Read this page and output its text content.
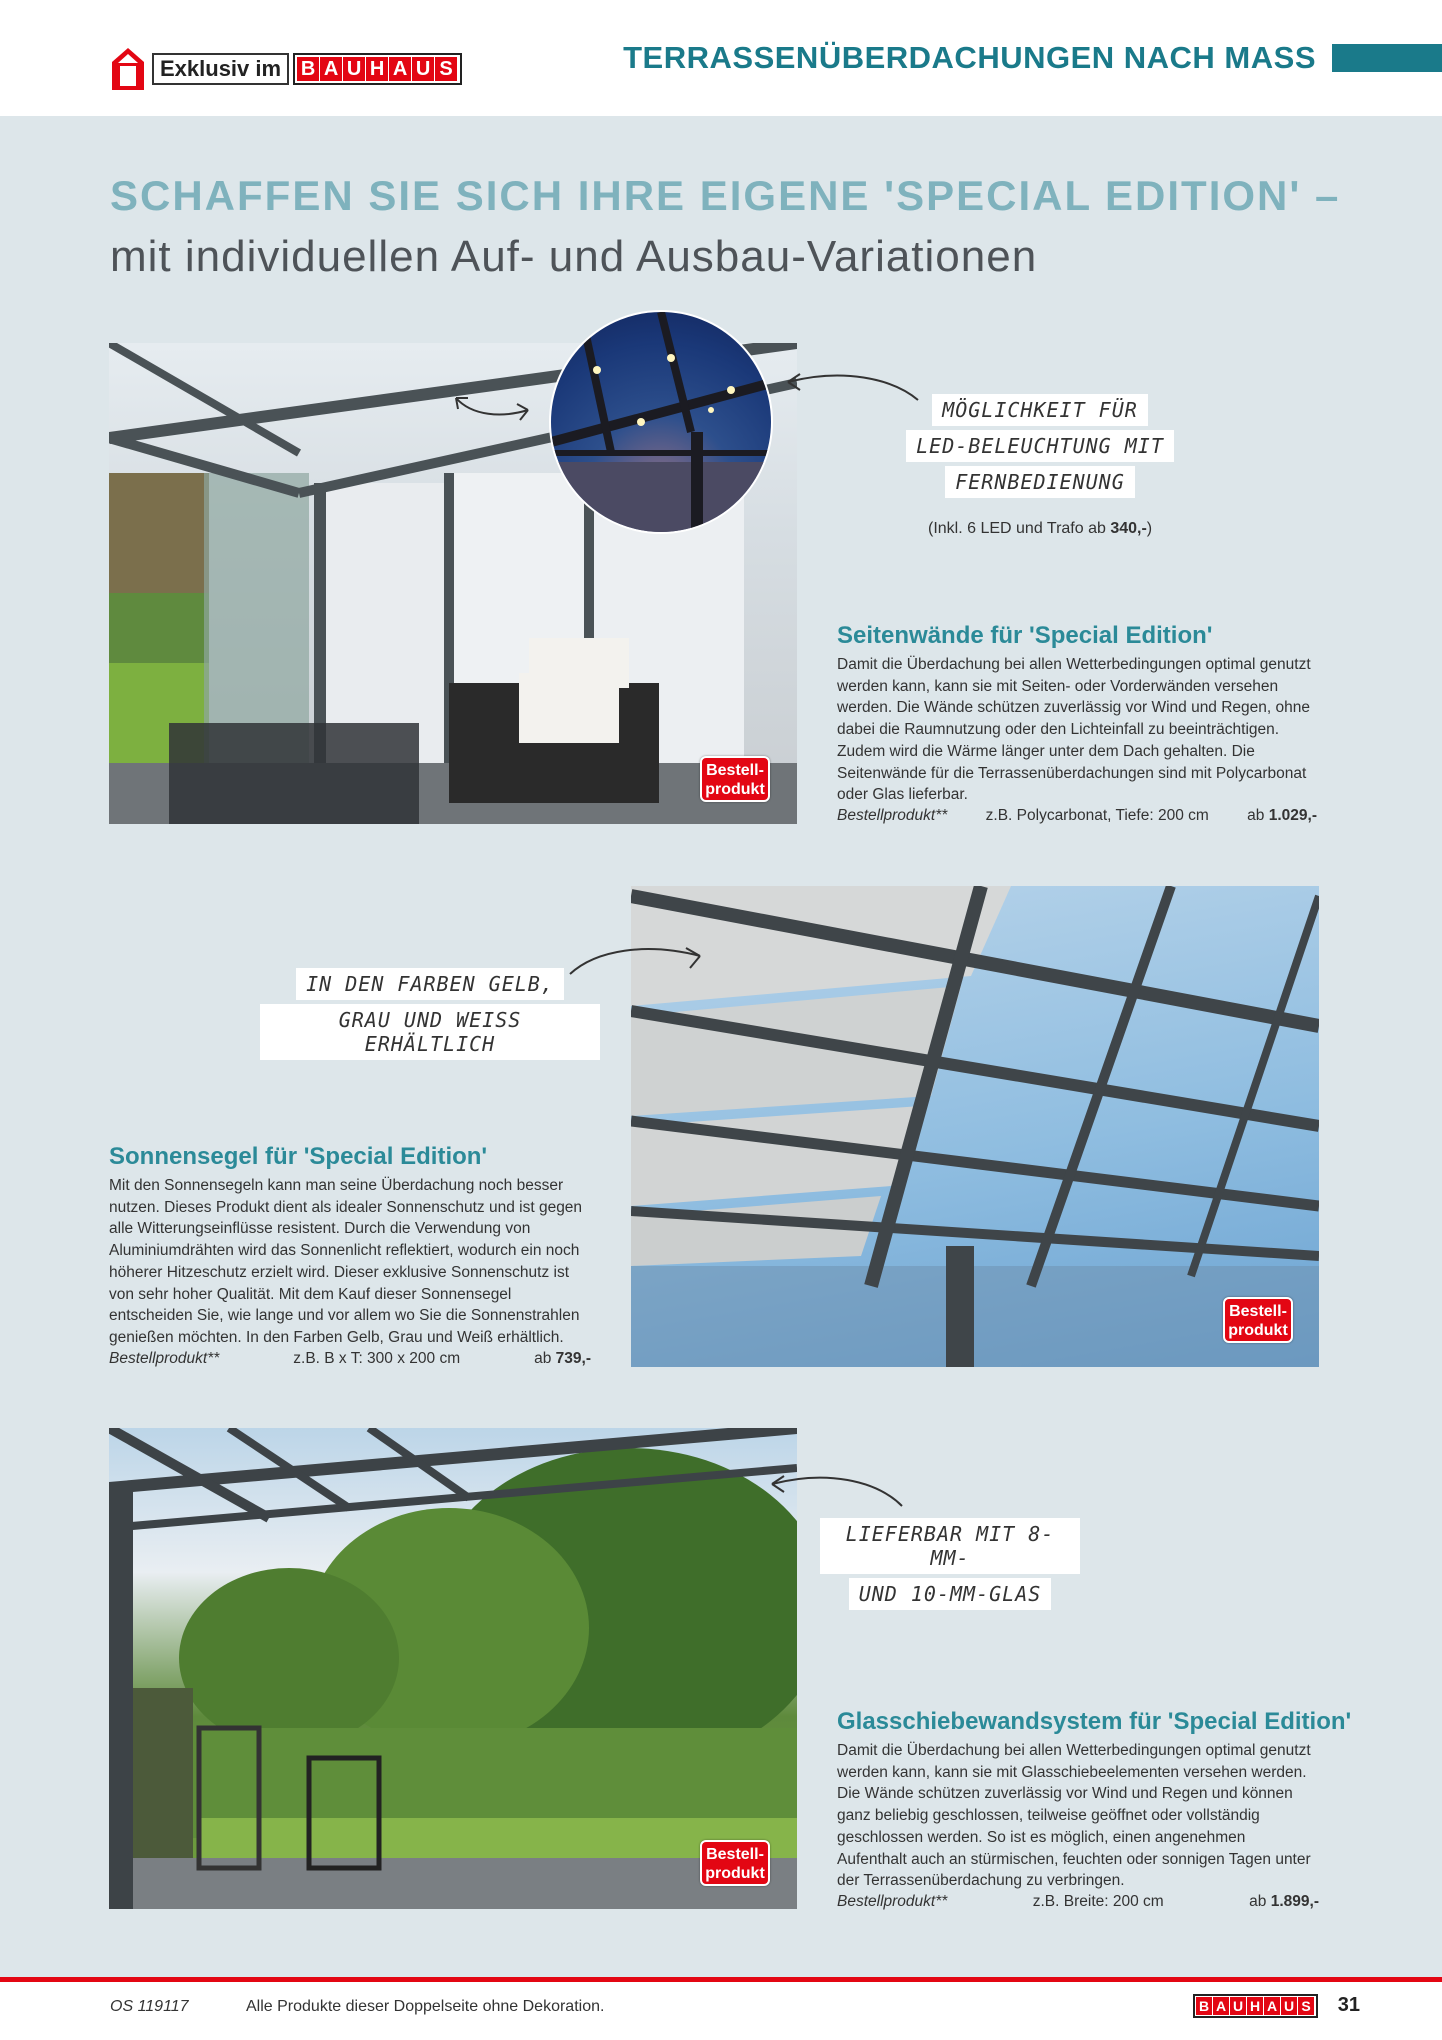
Exklusiv im B A U H A U S	TERRASSENÜBERDACHUNGEN NACH MASS
SCHAFFEN SIE SICH IHRE EIGENE 'SPECIAL EDITION' –
mit individuellen Auf- und Ausbau-Variationen
Bestell-
produkt
MÖGLICHKEIT FÜR
LED-BELEUCHTUNG MIT
FERNBEDIENUNG
(Inkl. 6 LED und Trafo ab 340,-)
Seitenwände für 'Special Edition'
Damit die Überdachung bei allen Wetterbedingungen optimal genutzt werden kann, kann sie mit Seiten- oder Vorderwänden versehen werden. Die Wände schützen zuverlässig vor Wind und Regen, ohne dabei die Raumnutzung oder den Lichteinfall zu beeinträchtigen. Zudem wird die Wärme länger unter dem Dach gehalten. Die Seitenwände für die Terrassenüberdachungen sind mit Polycarbonat oder Glas lieferbar.
Bestellprodukt** z.B. Polycarbonat, Tiefe: 200 cm ab 1.029,-
Bestell-
produkt
IN DEN FARBEN GELB,
GRAU UND WEISS ERHÄLTLICH
Sonnensegel für 'Special Edition'
Mit den Sonnensegeln kann man seine Überdachung noch besser nutzen. Dieses Produkt dient als idealer Sonnenschutz und ist gegen alle Witterungseinflüsse resistent. Durch die Verwendung von Aluminiumdrähten wird das Sonnenlicht reflektiert, wodurch ein noch höherer Hitzeschutz erzielt wird. Dieser exklusive Sonnenschutz ist von sehr hoher Qualität. Mit dem Kauf dieser Sonnensegel entscheiden Sie, wie lange und vor allem wo Sie die Sonnenstrahlen genießen möchten. In den Farben Gelb, Grau und Weiß erhältlich.
Bestellprodukt**	z.B. B x T: 300 x 200 cm	ab 739,-
Bestell-
produkt
LIEFERBAR MIT 8-MM-
UND 10-MM-GLAS
Glasschiebewandsystem für 'Special Edition'
Damit die Überdachung bei allen Wetterbedingungen optimal genutzt werden kann, kann sie mit Glasschiebeelementen versehen werden. Die Wände schützen zuverlässig vor Wind und Regen und können ganz beliebig geschlossen, teilweise geöffnet oder vollständig geschlossen werden. So ist es möglich, einen angenehmen Aufenthalt auch an stürmischen, feuchten oder sonnigen Tagen unter der Terrassenüberdachung zu verbringen.
Bestellprodukt**	z.B. Breite: 200 cm	ab 1.899,-
OS 119117	Alle Produkte dieser Doppelseite ohne Dekoration.	B A U H A U S 31
